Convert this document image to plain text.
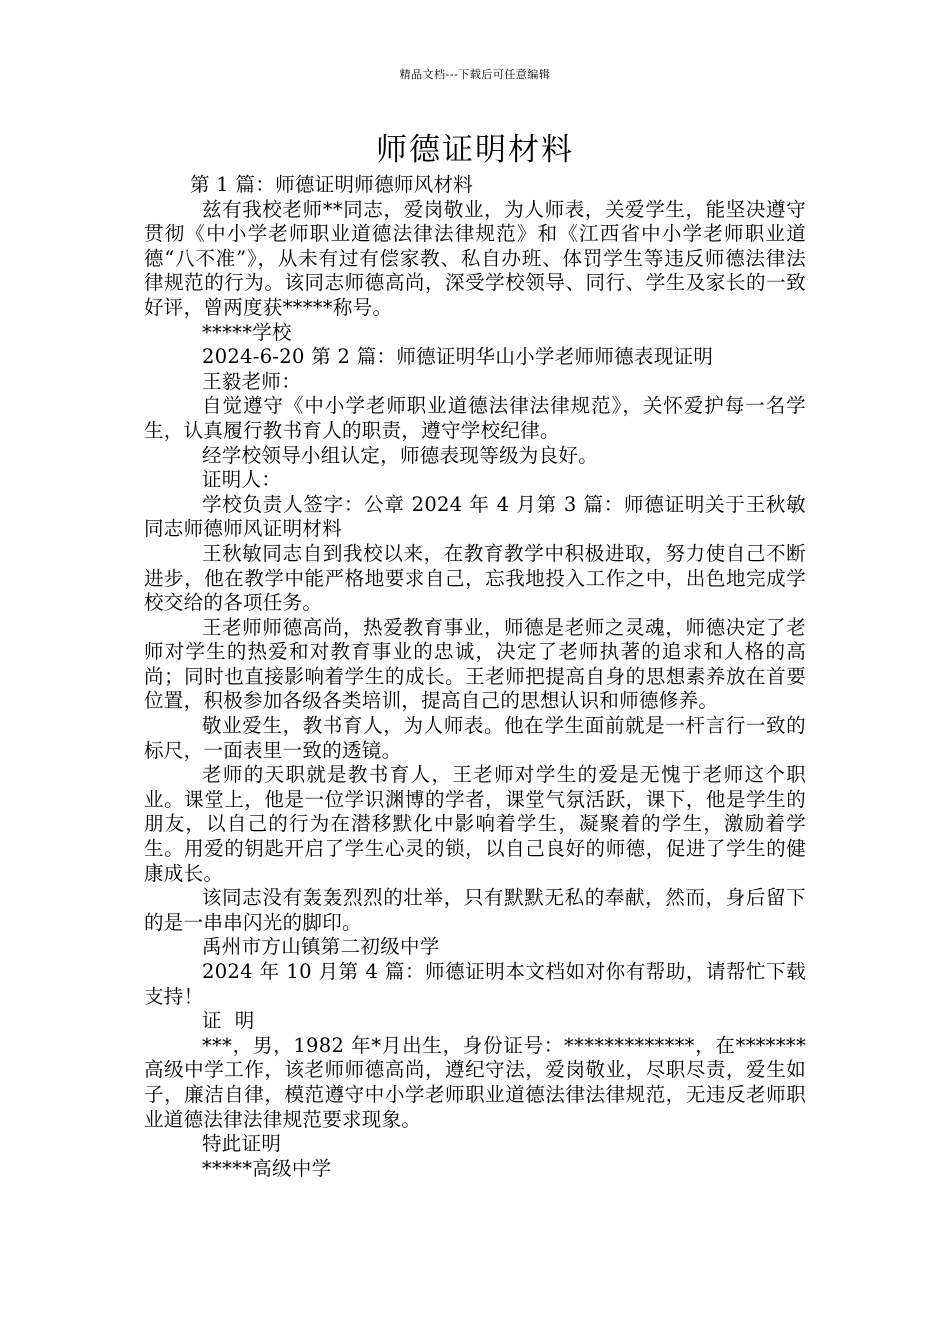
精品文档---下载后可任意编辑
师德证明材料

第 1 篇：师德证明师德师风材料

兹有我校老师**同志，爱岗敬业，为人师表，关爱学生，能坚决遵守贯彻《中小学老师职业道德法律法律规范》和《江西省中小学老师职业道德“八不准”》，从未有过有偿家教、私自办班、体罚学生等违反师德法律法律规范的行为。该同志师德高尚，深受学校领导、同行、学生及家长的一致好评，曾两度获*****称号。

*****学校

2024-6-20 第 2 篇：师德证明华山小学老师师德表现证明

王毅老师：

自觉遵守《中小学老师职业道德法律法律规范》，关怀爱护每一名学生，认真履行教书育人的职责，遵守学校纪律。

经学校领导小组认定，师德表现等级为良好。

证明人：

学校负责人签字：公章 2024 年 4 月第 3 篇：师德证明关于王秋敏同志师德师风证明材料

王秋敏同志自到我校以来，在教育教学中积极进取，努力使自己不断进步，他在教学中能严格地要求自己，忘我地投入工作之中，出色地完成学校交给的各项任务。

王老师师德高尚，热爱教育事业，师德是老师之灵魂，师德决定了老师对学生的热爱和对教育事业的忠诚，决定了老师执著的追求和人格的高尚；同时也直接影响着学生的成长。王老师把提高自身的思想素养放在首要位置，积极参加各级各类培训，提高自己的思想认识和师德修养。

敬业爱生，教书育人，为人师表。他在学生面前就是一杆言行一致的标尺，一面表里一致的透镜。

老师的天职就是教书育人，王老师对学生的爱是无愧于老师这个职业。课堂上，他是一位学识渊博的学者，课堂气氛活跃，课下，他是学生的朋友，以自己的行为在潜移默化中影响着学生，凝聚着的学生，激励着学生。用爱的钥匙开启了学生心灵的锁，以自己良好的师德，促进了学生的健康成长。

该同志没有轰轰烈烈的壮举，只有默默无私的奉献，然而，身后留下的是一串串闪光的脚印。

禹州市方山镇第二初级中学

2024 年 10 月第 4 篇：师德证明本文档如对你有帮助，请帮忙下载支持！

证  明

***，男，1982 年*月出生，身份证号：*************，在*******高级中学工作，该老师师德高尚，遵纪守法，爱岗敬业，尽职尽责，爱生如子，廉洁自律，模范遵守中小学老师职业道德法律法律规范，无违反老师职业道德法律法律规范要求现象。

特此证明

*****高级中学
